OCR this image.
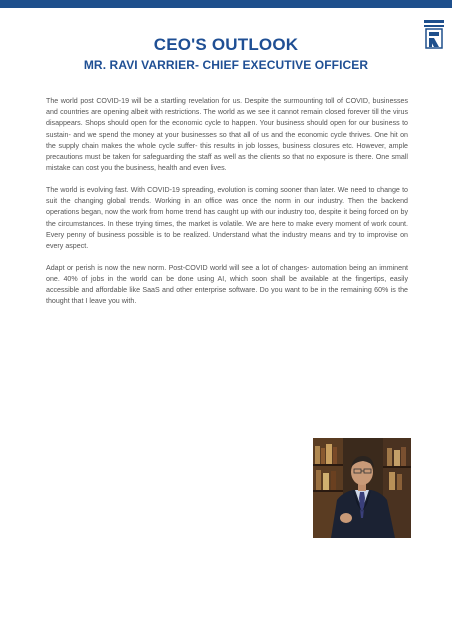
CEO'S OUTLOOK
MR. RAVI VARRIER- CHIEF EXECUTIVE OFFICER

The world post COVID-19 will be a startling revelation for us. Despite the surmounting toll of COVID, businesses and countries are opening albeit with restrictions. The world as we see it cannot remain closed forever till the virus disappears. Shops should open for the economic cycle to happen. Your business should open for our business to sustain- and we spend the money at your businesses so that all of us and the economic cycle thrives. One hit on the supply chain makes the whole cycle suffer- this results in job losses, business closures etc. However, ample precautions must be taken for safeguarding the staff as well as the clients so that no exposure is there. One small mistake can cost you the business, health and even lives.

The world is evolving fast. With COVID-19 spreading, evolution is coming sooner than later. We need to change to suit the changing global trends. Working in an office was once the norm in our industry. Then the backend operations began, now the work from home trend has caught up with our industry too, despite it being forced on by the circumstances. In these trying times, the market is volatile. We are here to make every moment of work count. Every penny of business possible is to be realized. Understand what the industry means and try to improvise on every aspect.

Adapt or perish is now the new norm. Post-COVID world will see a lot of changes- automation being an imminent one. 40% of jobs in the world can be done using AI, which soon shall be available at the fingertips, easily accessible and affordable like SaaS and other enterprise software. Do you want to be in the remaining 60% is the thought that I leave you with.
